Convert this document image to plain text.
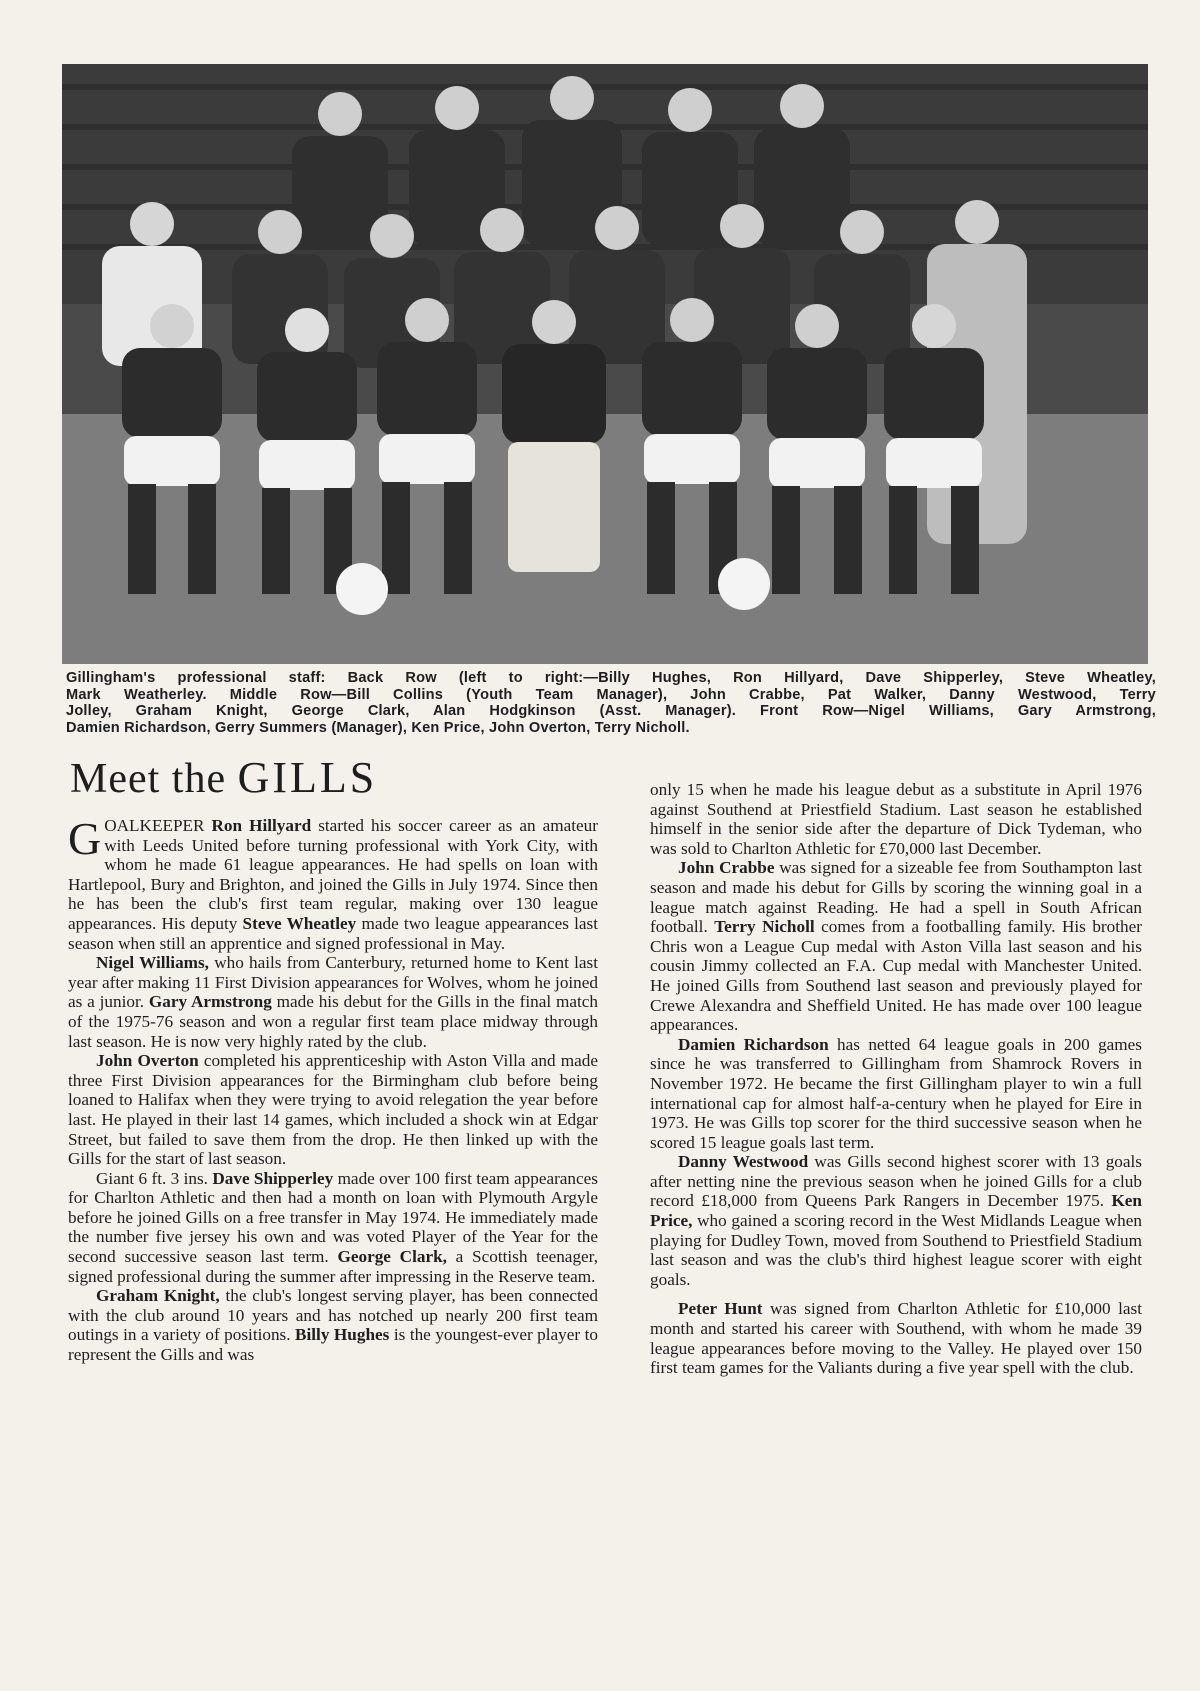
Gillingham's professional staff: Back Row (left to right:—Billy Hughes, Ron Hillyard, Dave Shipperley, Steve Wheatley,
Mark Weatherley. Middle Row—Bill Collins (Youth Team Manager), John Crabbe, Pat Walker, Danny Westwood, Terry
Jolley, Graham Knight, George Clark, Alan Hodgkinson (Asst. Manager). Front Row—Nigel Williams, Gary Armstrong,
Damien Richardson, Gerry Summers (Manager), Ken Price, John Overton, Terry Nicholl.
Meet the GILLS

GOALKEEPER Ron Hillyard started his soccer career as an amateur with Leeds United before turning professional with York City, with whom he made 61 league appearances. He had spells on loan with Hartlepool, Bury and Brighton, and joined the Gills in July 1974. Since then he has been the club's first team regular, making over 130 league appearances. His deputy Steve Wheatley made two league appearances last season when still an apprentice and signed professional in May.

Nigel Williams, who hails from Canterbury, returned home to Kent last year after making 11 First Division appearances for Wolves, whom he joined as a junior. Gary Armstrong made his debut for the Gills in the final match of the 1975-76 season and won a regular first team place midway through last season. He is now very highly rated by the club.

John Overton completed his apprenticeship with Aston Villa and made three First Division appearances for the Birmingham club before being loaned to Halifax when they were trying to avoid relegation the year before last. He played in their last 14 games, which included a shock win at Edgar Street, but failed to save them from the drop. He then linked up with the Gills for the start of last season.

Giant 6 ft. 3 ins. Dave Shipperley made over 100 first team appearances for Charlton Athletic and then had a month on loan with Plymouth Argyle before he joined Gills on a free transfer in May 1974. He immediately made the number five jersey his own and was voted Player of the Year for the second successive season last term. George Clark, a Scottish teenager, signed professional during the summer after impressing in the Reserve team.

Graham Knight, the club's longest serving player, has been connected with the club around 10 years and has notched up nearly 200 first team outings in a variety of positions. Billy Hughes is the youngest-ever player to represent the Gills and was

only 15 when he made his league debut as a substitute in April 1976 against Southend at Priestfield Stadium. Last season he established himself in the senior side after the departure of Dick Tydeman, who was sold to Charlton Athletic for £70,000 last December.

John Crabbe was signed for a sizeable fee from Southampton last season and made his debut for Gills by scoring the winning goal in a league match against Reading. He had a spell in South African football. Terry Nicholl comes from a footballing family. His brother Chris won a League Cup medal with Aston Villa last season and his cousin Jimmy collected an F.A. Cup medal with Manchester United. He joined Gills from Southend last season and previously played for Crewe Alexandra and Sheffield United. He has made over 100 league appearances.

Damien Richardson has netted 64 league goals in 200 games since he was transferred to Gillingham from Shamrock Rovers in November 1972. He became the first Gillingham player to win a full international cap for almost half-a-century when he played for Eire in 1973. He was Gills top scorer for the third successive season when he scored 15 league goals last term.

Danny Westwood was Gills second highest scorer with 13 goals after netting nine the previous season when he joined Gills for a club record £18,000 from Queens Park Rangers in December 1975. Ken Price, who gained a scoring record in the West Midlands League when playing for Dudley Town, moved from Southend to Priestfield Stadium last season and was the club's third highest league scorer with eight goals.

Peter Hunt was signed from Charlton Athletic for £10,000 last month and started his career with Southend, with whom he made 39 league appearances before moving to the Valley. He played over 150 first team games for the Valiants during a five year spell with the club.
